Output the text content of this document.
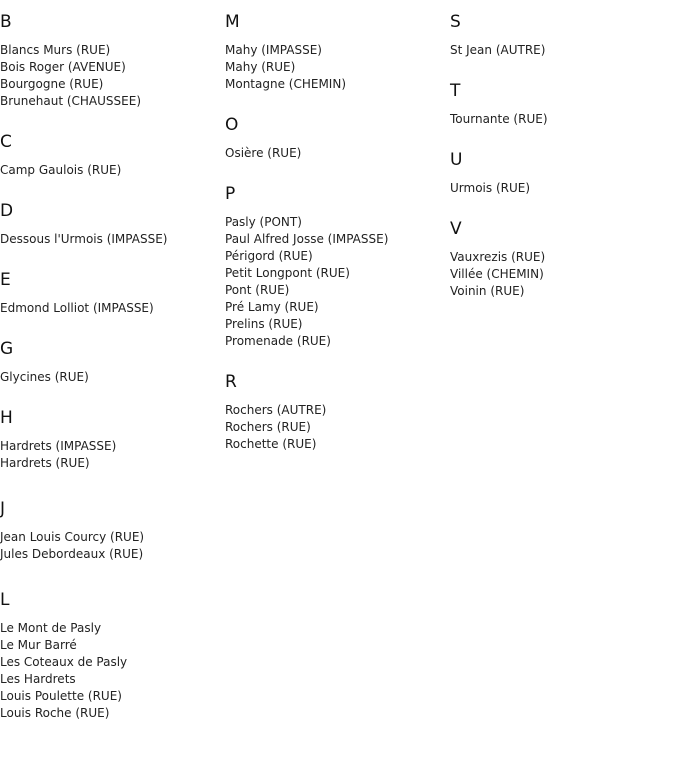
B
Blancs Murs (RUE)
Bois Roger (AVENUE)
Bourgogne (RUE)
Brunehaut (CHAUSSEE)
C
Camp Gaulois (RUE)
D
Dessous l'Urmois (IMPASSE)
E
Edmond Lolliot (IMPASSE)
G
Glycines (RUE)
H
Hardrets (IMPASSE)
Hardrets (RUE)
J
Jean Louis Courcy (RUE)
Jules Debordeaux (RUE)
L
Le Mont de Pasly
Le Mur Barré
Les Coteaux de Pasly
Les Hardrets
Louis Poulette (RUE)
Louis Roche (RUE)
M
Mahy (IMPASSE)
Mahy (RUE)
Montagne (CHEMIN)
O
Osière (RUE)
P
Pasly (PONT)
Paul Alfred Josse (IMPASSE)
Périgord (RUE)
Petit Longpont (RUE)
Pont (RUE)
Pré Lamy (RUE)
Prelins (RUE)
Promenade (RUE)
R
Rochers (AUTRE)
Rochers (RUE)
Rochette (RUE)
S
St Jean (AUTRE)
T
Tournante (RUE)
U
Urmois (RUE)
V
Vauxrezis (RUE)
Villée (CHEMIN)
Voinin (RUE)
